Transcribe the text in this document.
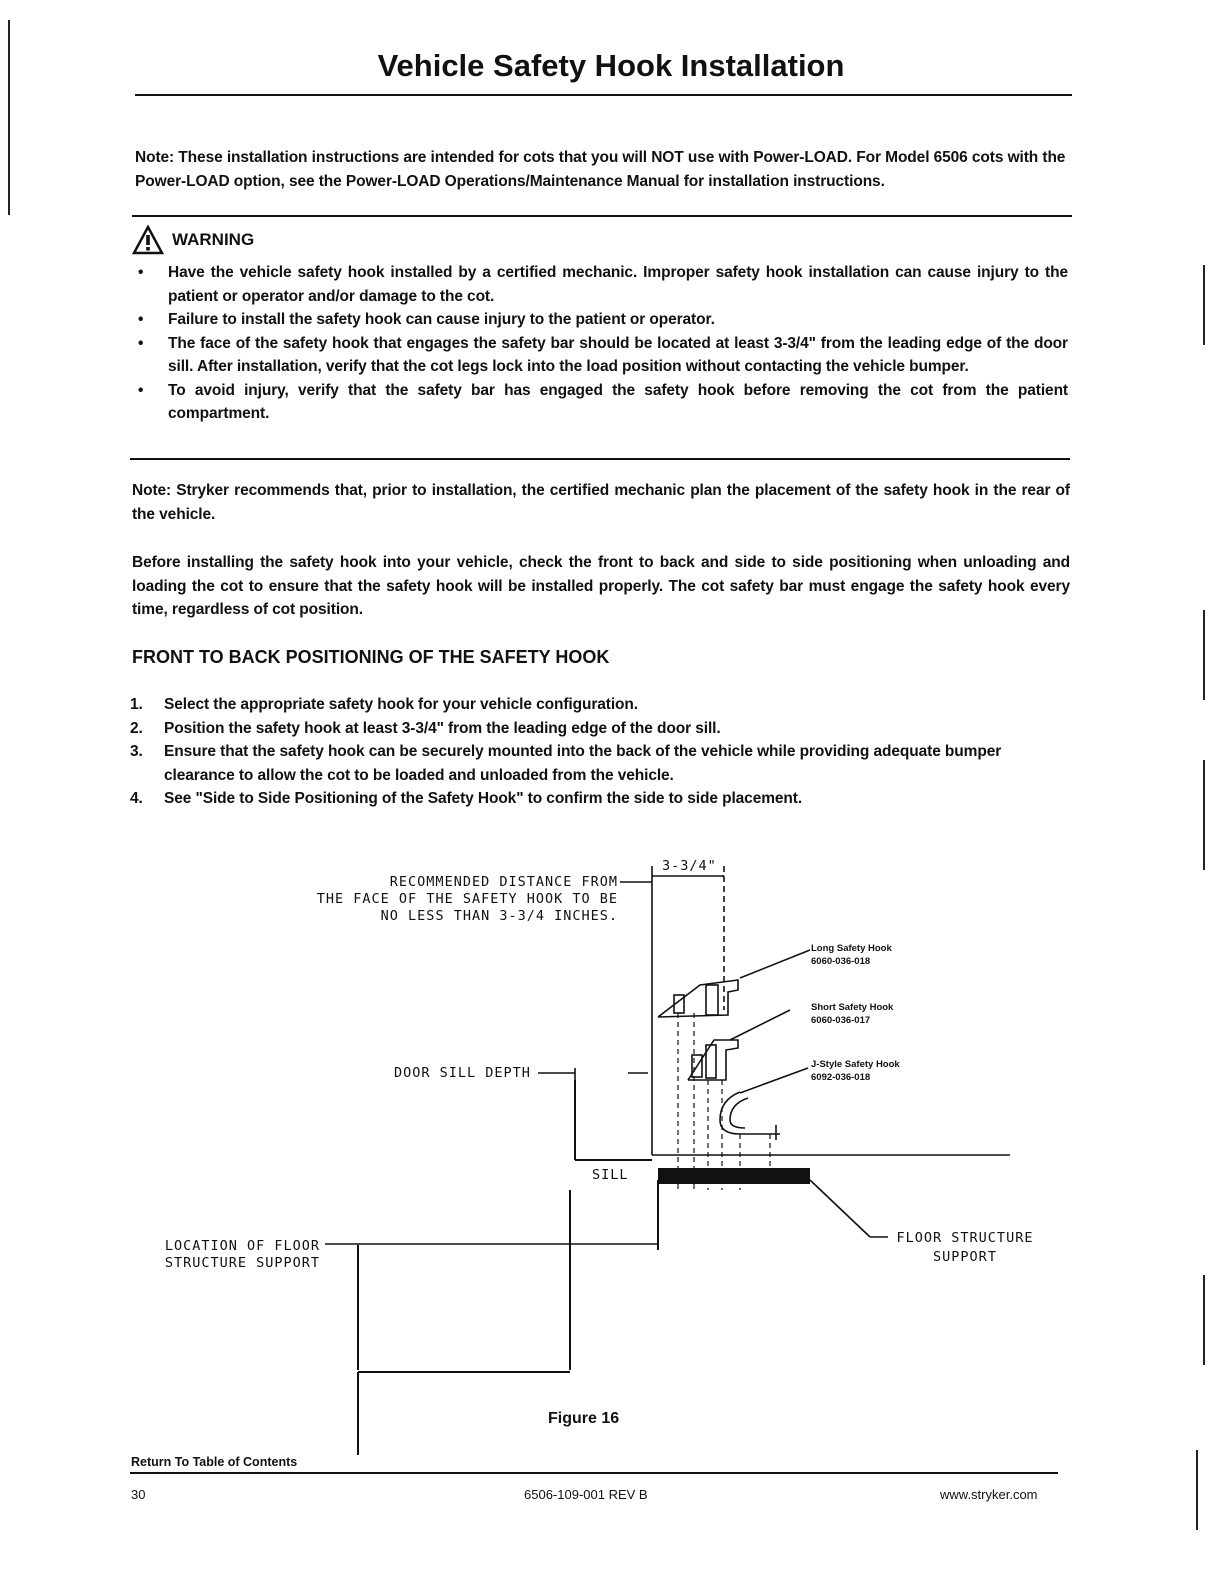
Vehicle Safety Hook Installation
Note: These installation instructions are intended for cots that you will NOT use with Power-LOAD. For Model 6506 cots with the Power-LOAD option, see the Power-LOAD Operations/Maintenance Manual for installation instructions.
WARNING
• Have the vehicle safety hook installed by a certified mechanic. Improper safety hook installation can cause injury to the patient or operator and/or damage to the cot.
• Failure to install the safety hook can cause injury to the patient or operator.
• The face of the safety hook that engages the safety bar should be located at least 3-3/4" from the leading edge of the door sill. After installation, verify that the cot legs lock into the load position without contacting the vehicle bumper.
• To avoid injury, verify that the safety bar has engaged the safety hook before removing the cot from the patient compartment.
Note: Stryker recommends that, prior to installation, the certified mechanic plan the placement of the safety hook in the rear of the vehicle.
Before installing the safety hook into your vehicle, check the front to back and side to side positioning when unloading and loading the cot to ensure that the safety hook will be installed properly. The cot safety bar must engage the safety hook every time, regardless of cot position.
FRONT TO BACK POSITIONING OF THE SAFETY HOOK
1. Select the appropriate safety hook for your vehicle configuration.
2. Position the safety hook at least 3-3/4" from the leading edge of the door sill.
3. Ensure that the safety hook can be securely mounted into the back of the vehicle while providing adequate bumper clearance to allow the cot to be loaded and unloaded from the vehicle.
4. See "Side to Side Positioning of the Safety Hook" to confirm the side to side placement.
3-3/4"
RECOMMENDED DISTANCE FROM
THE FACE OF THE SAFETY HOOK TO BE
NO LESS THAN 3-3/4 INCHES.
DOOR SILL DEPTH
SILL
LOCATION OF FLOOR
STRUCTURE SUPPORT
FLOOR STRUCTURE
SUPPORT
Long Safety Hook
6060-036-018
Short Safety Hook
6060-036-017
J-Style Safety Hook
6092-036-018
Figure 16
Return To Table of Contents
30	6506-109-001 REV B	www.stryker.com
